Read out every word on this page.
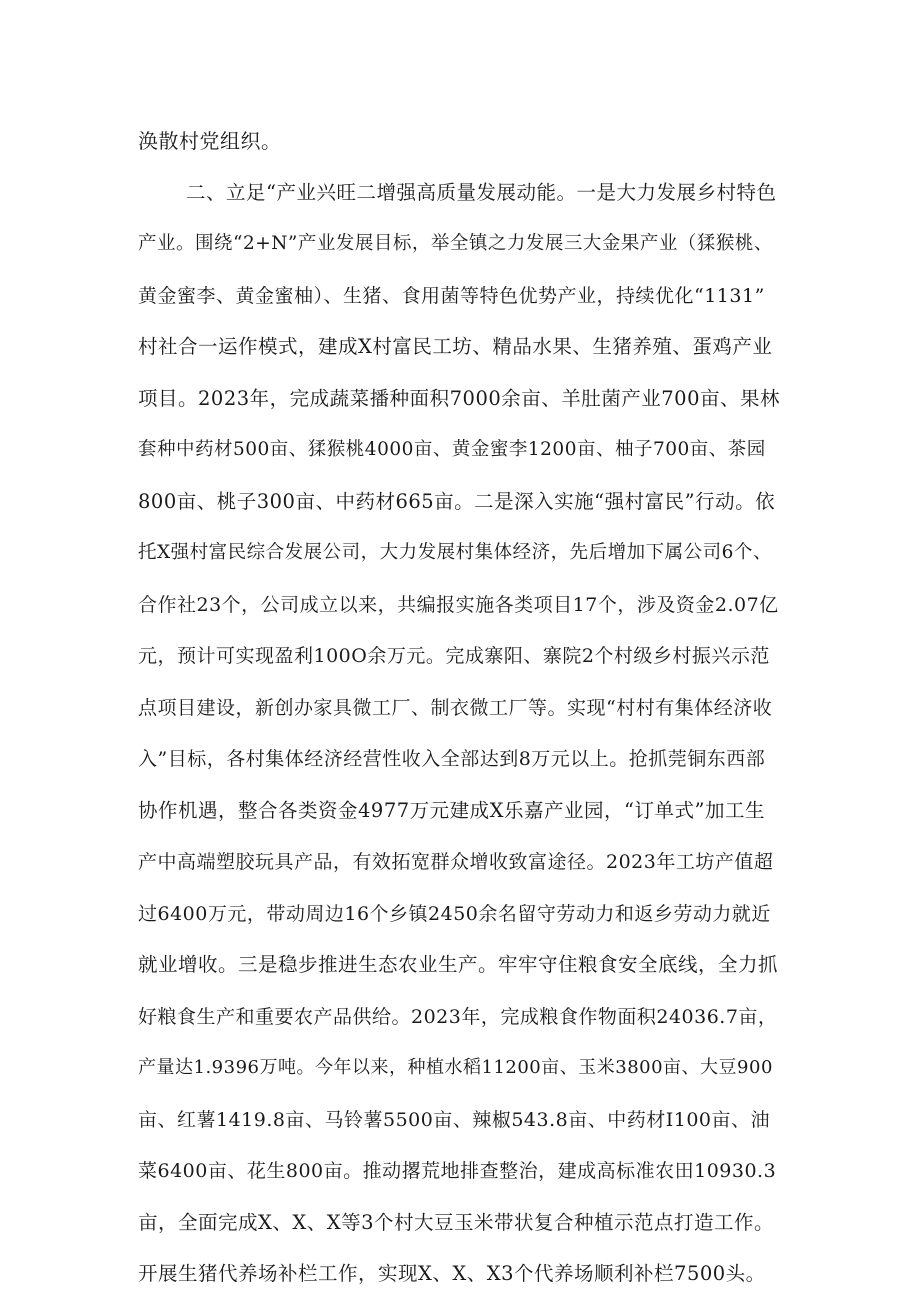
涣散村党组织。
二、立足“产业兴旺二增强高质量发展动能。一是大力发展乡村特色
产业。围绕“2+N”产业发展目标，举全镇之力发展三大金果产业（猱猴桃、
黄金蜜李、黄金蜜柚）、生猪、食用菌等特色优势产业，持续优化“1131”
村社合一运作模式，建成X村富民工坊、精品水果、生猪养殖、蛋鸡产业
项目。2023年，完成蔬菜播种面积7000余亩、羊肚菌产业700亩、果林
套种中药材500亩、猱猴桃4000亩、黄金蜜李1200亩、柚子700亩、茶园
800亩、桃子300亩、中药材665亩。二是深入实施“强村富民”行动。依
托X强村富民综合发展公司，大力发展村集体经济，先后增加下属公司6个、
合作社23个，公司成立以来，共编报实施各类项目17个，涉及资金2.07亿
元，预计可实现盈利100O余万元。完成寨阳、寨院2个村级乡村振兴示范
点项目建设，新创办家具微工厂、制衣微工厂等。实现“村村有集体经济收
入”目标，各村集体经济经营性收入全部达到8万元以上。抢抓莞铜东西部
协作机遇，整合各类资金4977万元建成X乐嘉产业园，“订单式”加工生
产中高端塑胶玩具产品，有效拓宽群众增收致富途径。2023年工坊产值超
过6400万元，带动周边16个乡镇2450余名留守劳动力和返乡劳动力就近
就业增收。三是稳步推进生态农业生产。牢牢守住粮食安全底线，全力抓
好粮食生产和重要农产品供给。2023年，完成粮食作物面积24036.7亩，
产量达1.9396万吨。今年以来，种植水稻11200亩、玉米3800亩、大豆900
亩、红薯1419.8亩、马铃薯5500亩、辣椒543.8亩、中药材I100亩、油
菜6400亩、花生800亩。推动撂荒地排查整治，建成高标准农田10930.3
亩，全面完成X、X、X等3个村大豆玉米带状复合种植示范点打造工作。
开展生猪代养场补栏工作，实现X、X、X3个代养场顺利补栏7500头。
